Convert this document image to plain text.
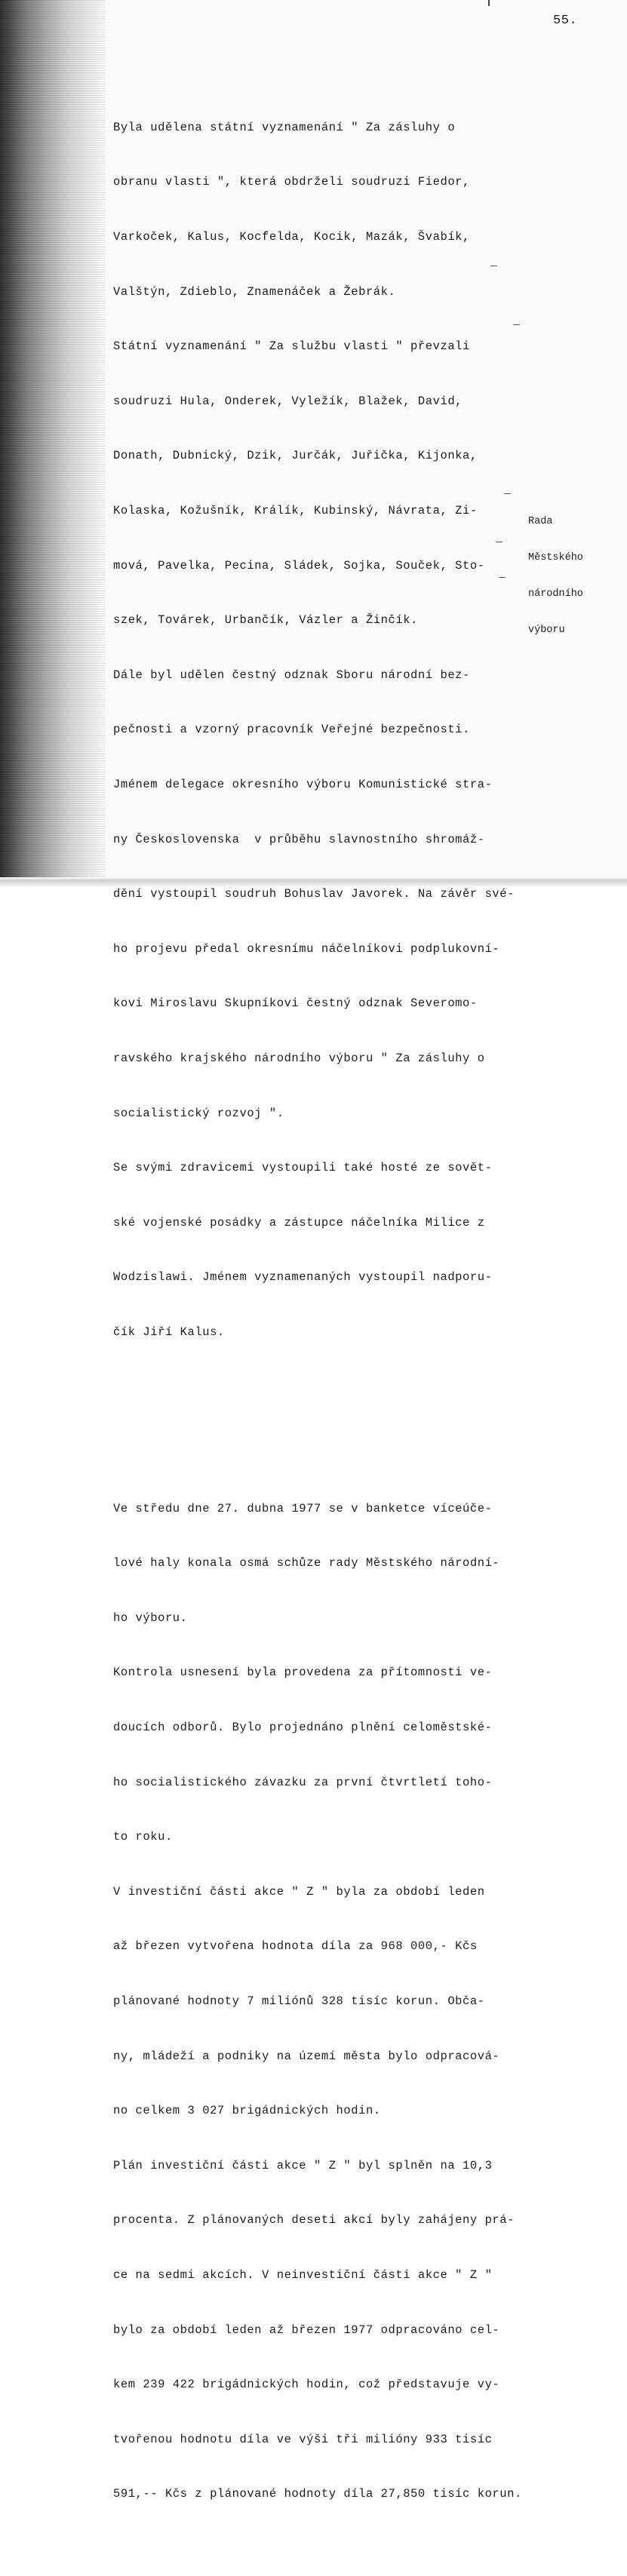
55.

Byla udělena státní vyznamenání " Za zásluhy o

obranu vlasti ", která obdrželi soudruzi Fiedor,

Varkoček, Kalus, Kocfelda, Kocik, Mazák, Švabík,

Valštýn, Zdieblo, Znamenáček a Žebrák.

Státní vyznamenání " Za službu vlasti " převzali

soudruzi Hula, Onderek, Vyležík, Blažek, David,

Donath, Dubnický, Dzik, Jurčák, Juřička, Kijonka,

Kolaska, Kožušník, Králík, Kubinský, Návrata, Zi-

mová, Pavelka, Pecina, Sládek, Sojka, Souček, Sto-

szek, Továrek, Urbančík, Vázler a Žinčík.

Dále byl udělen čestný odznak Sboru národní bez-

pečnosti a vzorný pracovník Veřejné bezpečnosti.

Jménem delegace okresního výboru Komunistické stra-

ny Československa  v průběhu slavnostního shromáž-

dění vystoupil soudruh Bohuslav Javorek. Na závěr své-

ho projevu předal okresnímu náčelníkovi podplukovní-

kovi Miroslavu Skupníkovi čestný odznak Severomo-

ravského krajského národního výboru " Za zásluhy o

socialistický rozvoj ".

Se svými zdravicemi vystoupili také hosté ze sovět-

ské vojenské posádky a zástupce náčelníka Milice z

Wodzislawi. Jménem vyznamenaných vystoupil nadporu-

čík Jiří Kalus.

Ve středu dne 27. dubna 1977 se v banketce víceúče-

lové haly konala osmá schůze rady Městského národní-

ho výboru.

Kontrola usnesení byla provedena za přítomnosti ve-

doucích odborů. Bylo projednáno plnění celoměstské-

ho socialistického závazku za první čtvrtletí toho-

to roku.

V investiční části akce " Z " byla za období leden

až březen vytvořena hodnota díla za 968 000,- Kčs

plánované hodnoty 7 miliónů 328 tisíc korun. Obča-

ny, mládeží a podniky na území města bylo odpracová-

no celkem 3 027 brigádnických hodin.

Plán investiční části akce " Z " byl splněn na 10,3

procenta. Z plánovaných deseti akcí byly zahájeny prá-

ce na sedmi akcích. V neinvestiční části akce " Z "

bylo za období leden až březen 1977 odpracováno cel-

kem 239 422 brigádnických hodin, což představuje vy-

tvořenou hodnotu díla ve výši tři milióny 933 tisíc

591,-- Kčs z plánované hodnoty díla 27,850 tisíc korun.

Rada

Městského

národního

výboru
